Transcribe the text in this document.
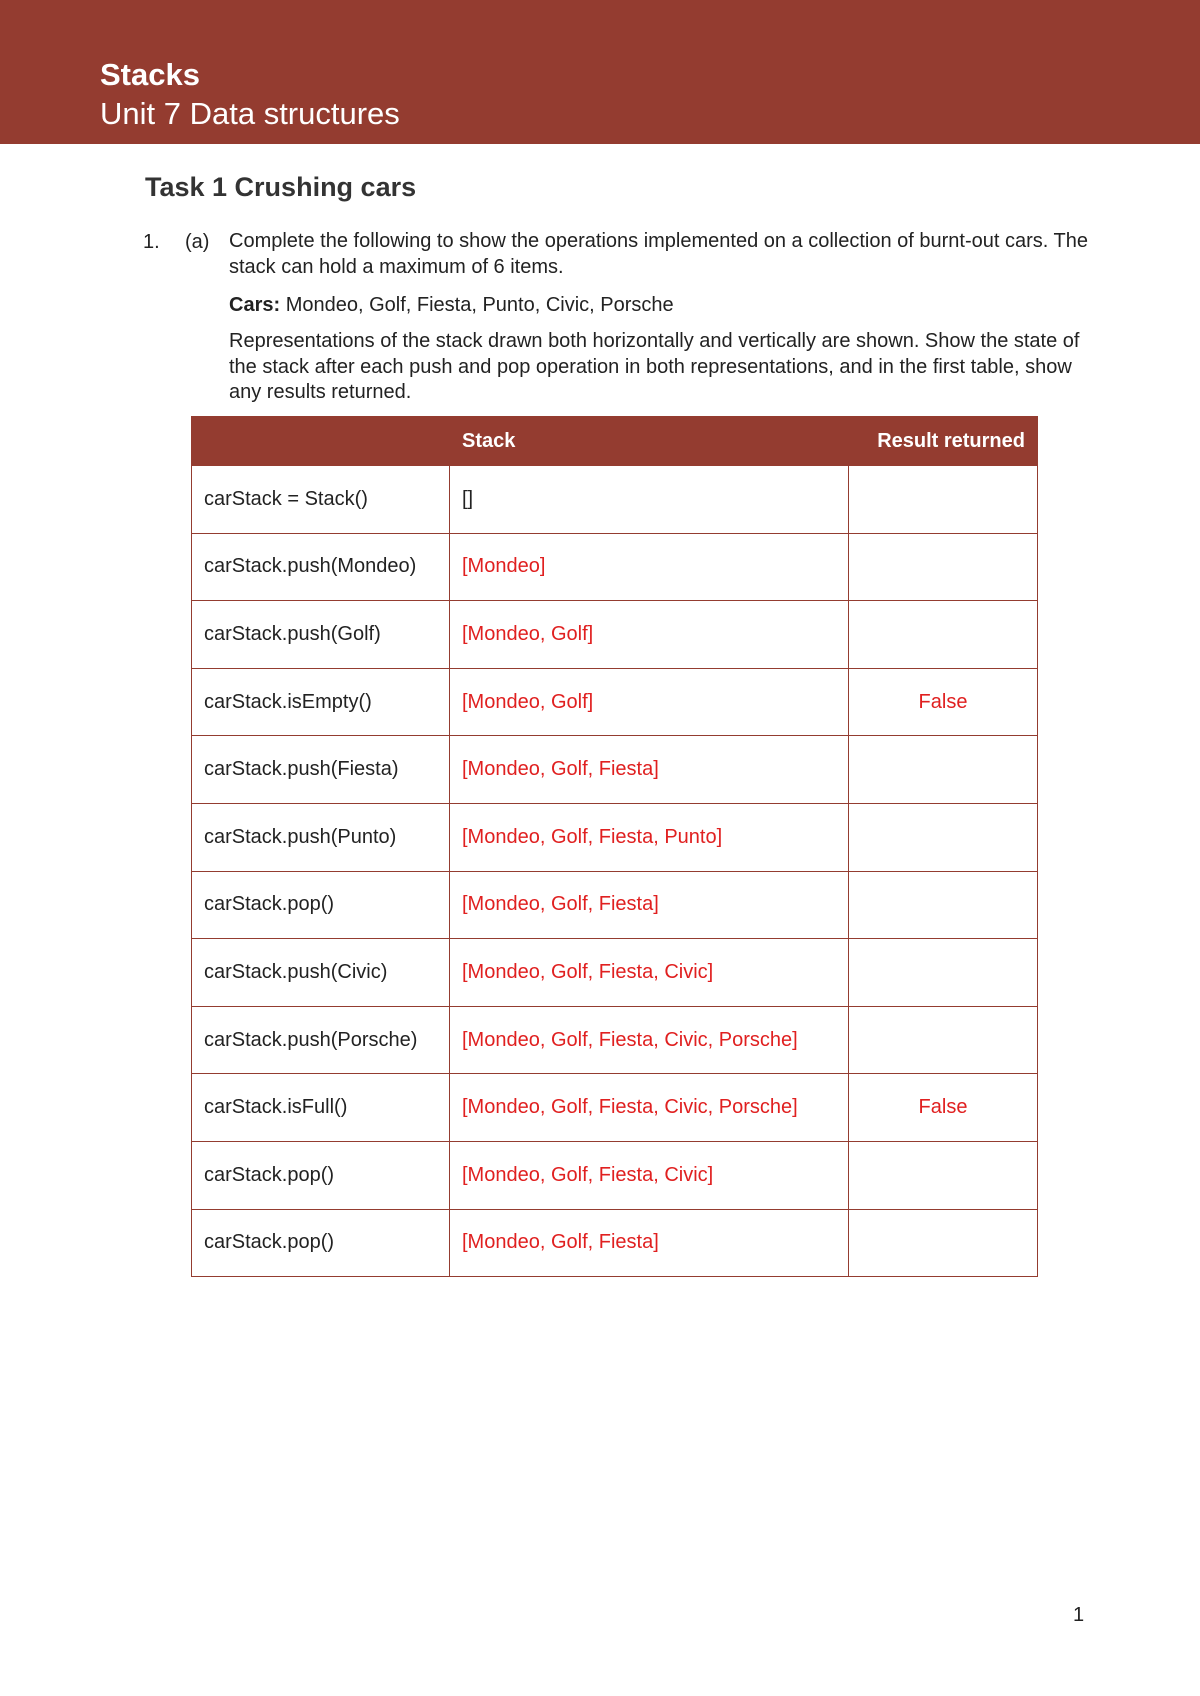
Stacks
Unit 7 Data structures
Task 1 Crushing cars
1. (a) Complete the following to show the operations implemented on a collection of burnt-out cars. The stack can hold a maximum of 6 items.

Cars: Mondeo, Golf, Fiesta, Punto, Civic, Porsche

Representations of the stack drawn both horizontally and vertically are shown. Show the state of the stack after each push and pop operation in both representations, and in the first table, show any results returned.

	Stack	Result returned
carStack = Stack()	[]	
carStack.push(Mondeo)	[Mondeo]	
carStack.push(Golf)	[Mondeo, Golf]	
carStack.isEmpty()	[Mondeo, Golf]	False
carStack.push(Fiesta)	[Mondeo, Golf, Fiesta]	
carStack.push(Punto)	[Mondeo, Golf, Fiesta, Punto]	
carStack.pop()	[Mondeo, Golf, Fiesta]	
carStack.push(Civic)	[Mondeo, Golf, Fiesta, Civic]	
carStack.push(Porsche)	[Mondeo, Golf, Fiesta, Civic, Porsche]	
carStack.isFull()	[Mondeo, Golf, Fiesta, Civic, Porsche]	False
carStack.pop()	[Mondeo, Golf, Fiesta, Civic]	
carStack.pop()	[Mondeo, Golf, Fiesta]	
1
